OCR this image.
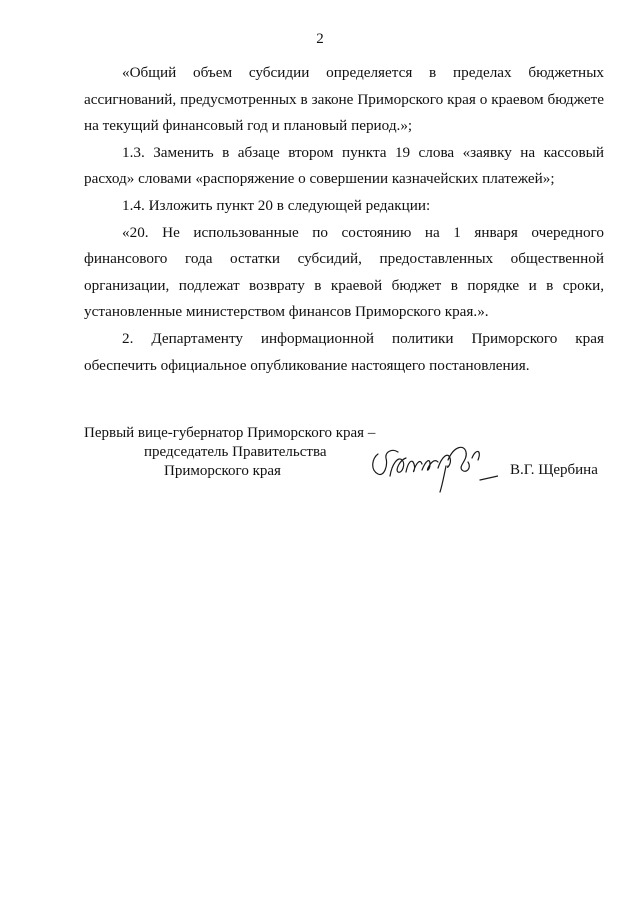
2

«Общий объем субсидии определяется в пределах бюджетных ассигнований, предусмотренных в законе Приморского края о краевом бюджете на текущий финансовый год и плановый период.»;

1.3. Заменить в абзаце втором пункта 19 слова «заявку на кассовый расход» словами «распоряжение о совершении казначейских платежей»;

1.4. Изложить пункт 20 в следующей редакции:

«20. Не использованные по состоянию на 1 января очередного финансового года остатки субсидий, предоставленных общественной организации, подлежат возврату в краевой бюджет в порядке и в сроки, установленные министерством финансов Приморского края.».

2. Департаменту информационной политики Приморского края обеспечить официальное опубликование настоящего постановления.

Первый вице-губернатор Приморского края –

председатель Правительства

Приморского края	В.Г. Щербина
